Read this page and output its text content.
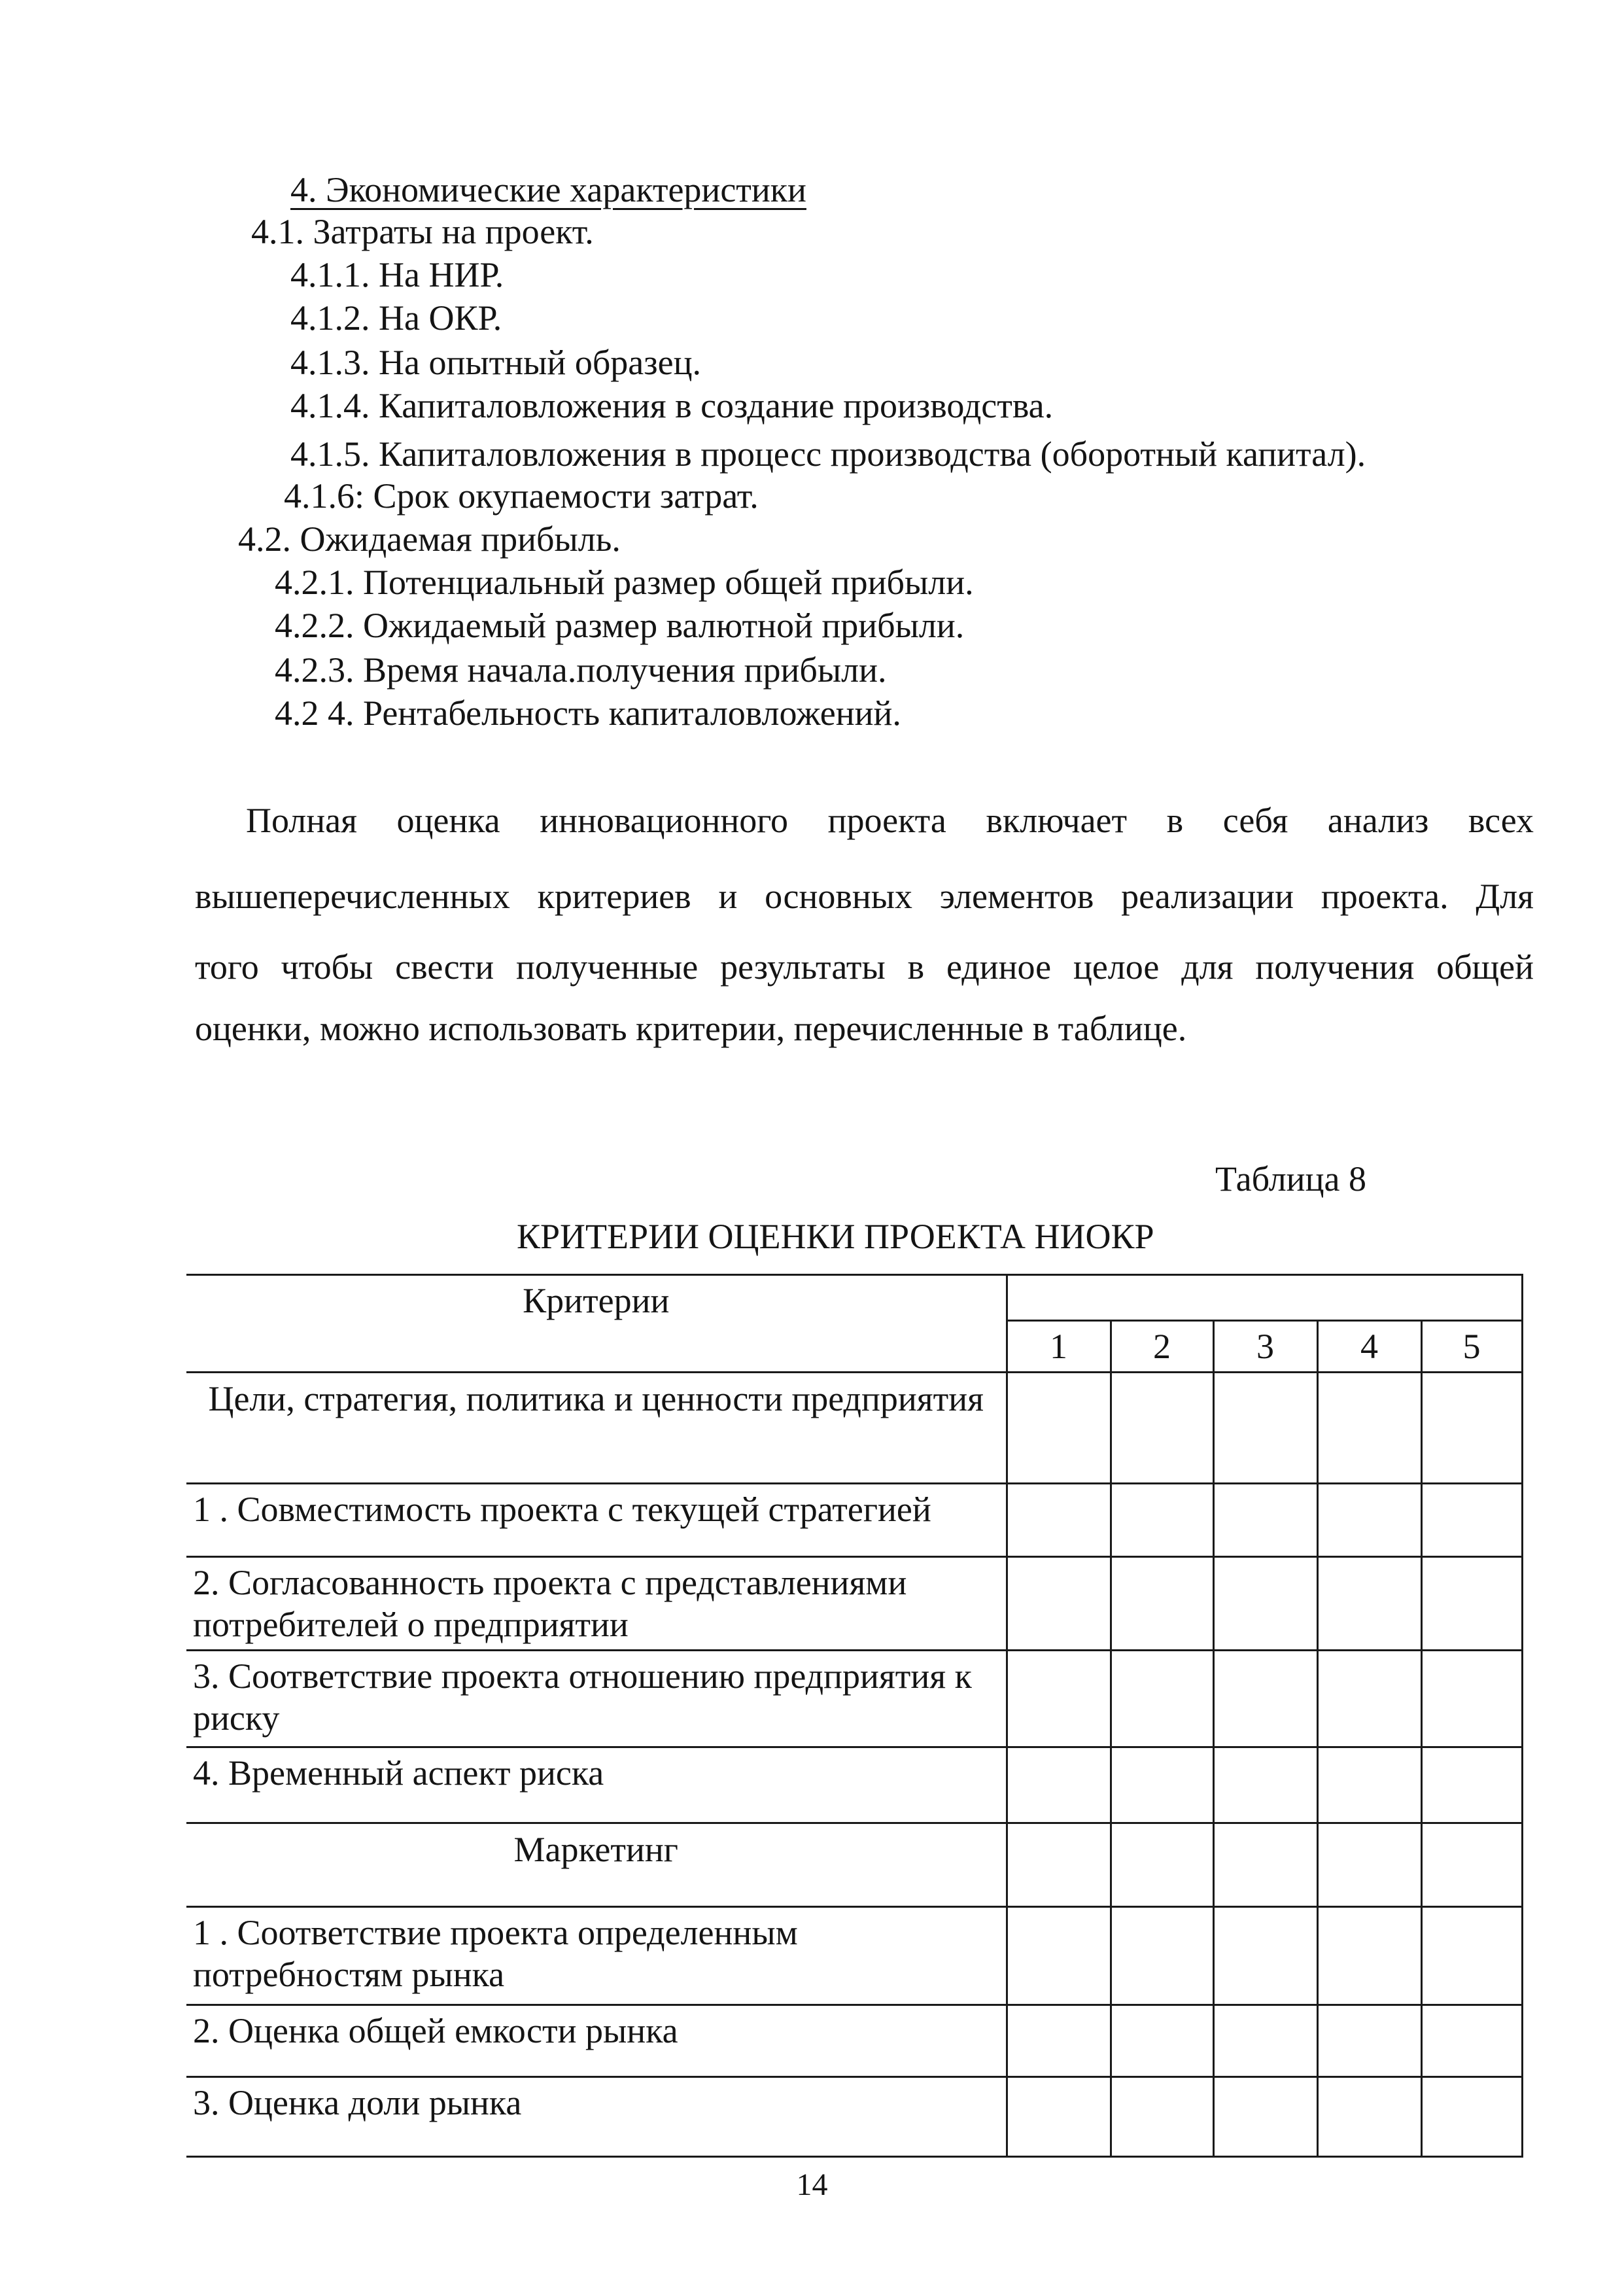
4. Экономические характеристики
4.1. Затраты на проект.
4.1.1. На НИР.
4.1.2. На ОКР.
4.1.3. На опытный образец.
4.1.4. Капиталовложения в создание производства.
4.1.5. Капиталовложения в процесс производства (оборотный капитал).
4.1.6: Срок окупаемости затрат.
4.2. Ожидаемая прибыль.
4.2.1. Потенциальный размер общей прибыли.
4.2.2. Ожидаемый размер валютной прибыли.
4.2.3. Время начала.получения прибыли.
4.2 4. Рентабельность капиталовложений.
Полная оценка инновационного проекта включает в себя анализ всех
вышеперечисленных критериев и основных элементов реализации проекта. Для
того чтобы свести полученные результаты в единое целое для получения общей
оценки, можно использовать критерии, перечисленные в таблице.
Таблица 8
КРИТЕРИИ ОЦЕНКИ ПРОЕКТА НИОКР
Критерии					
	1	2	3	4	5
Цели, стратегия, политика и ценности предприятия					
1 . Совместимость проекта с текущей стратегией					
2. Согласованность проекта с представлениями потребителей о предприятии					
3. Соответствие проекта отношению предприятия к риску					
4. Временный аспект риска					
Маркетинг					
1 . Соответствие проекта определенным потребностям рынка					
2. Оценка общей емкости рынка					
3. Оценка доли рынка					
14
